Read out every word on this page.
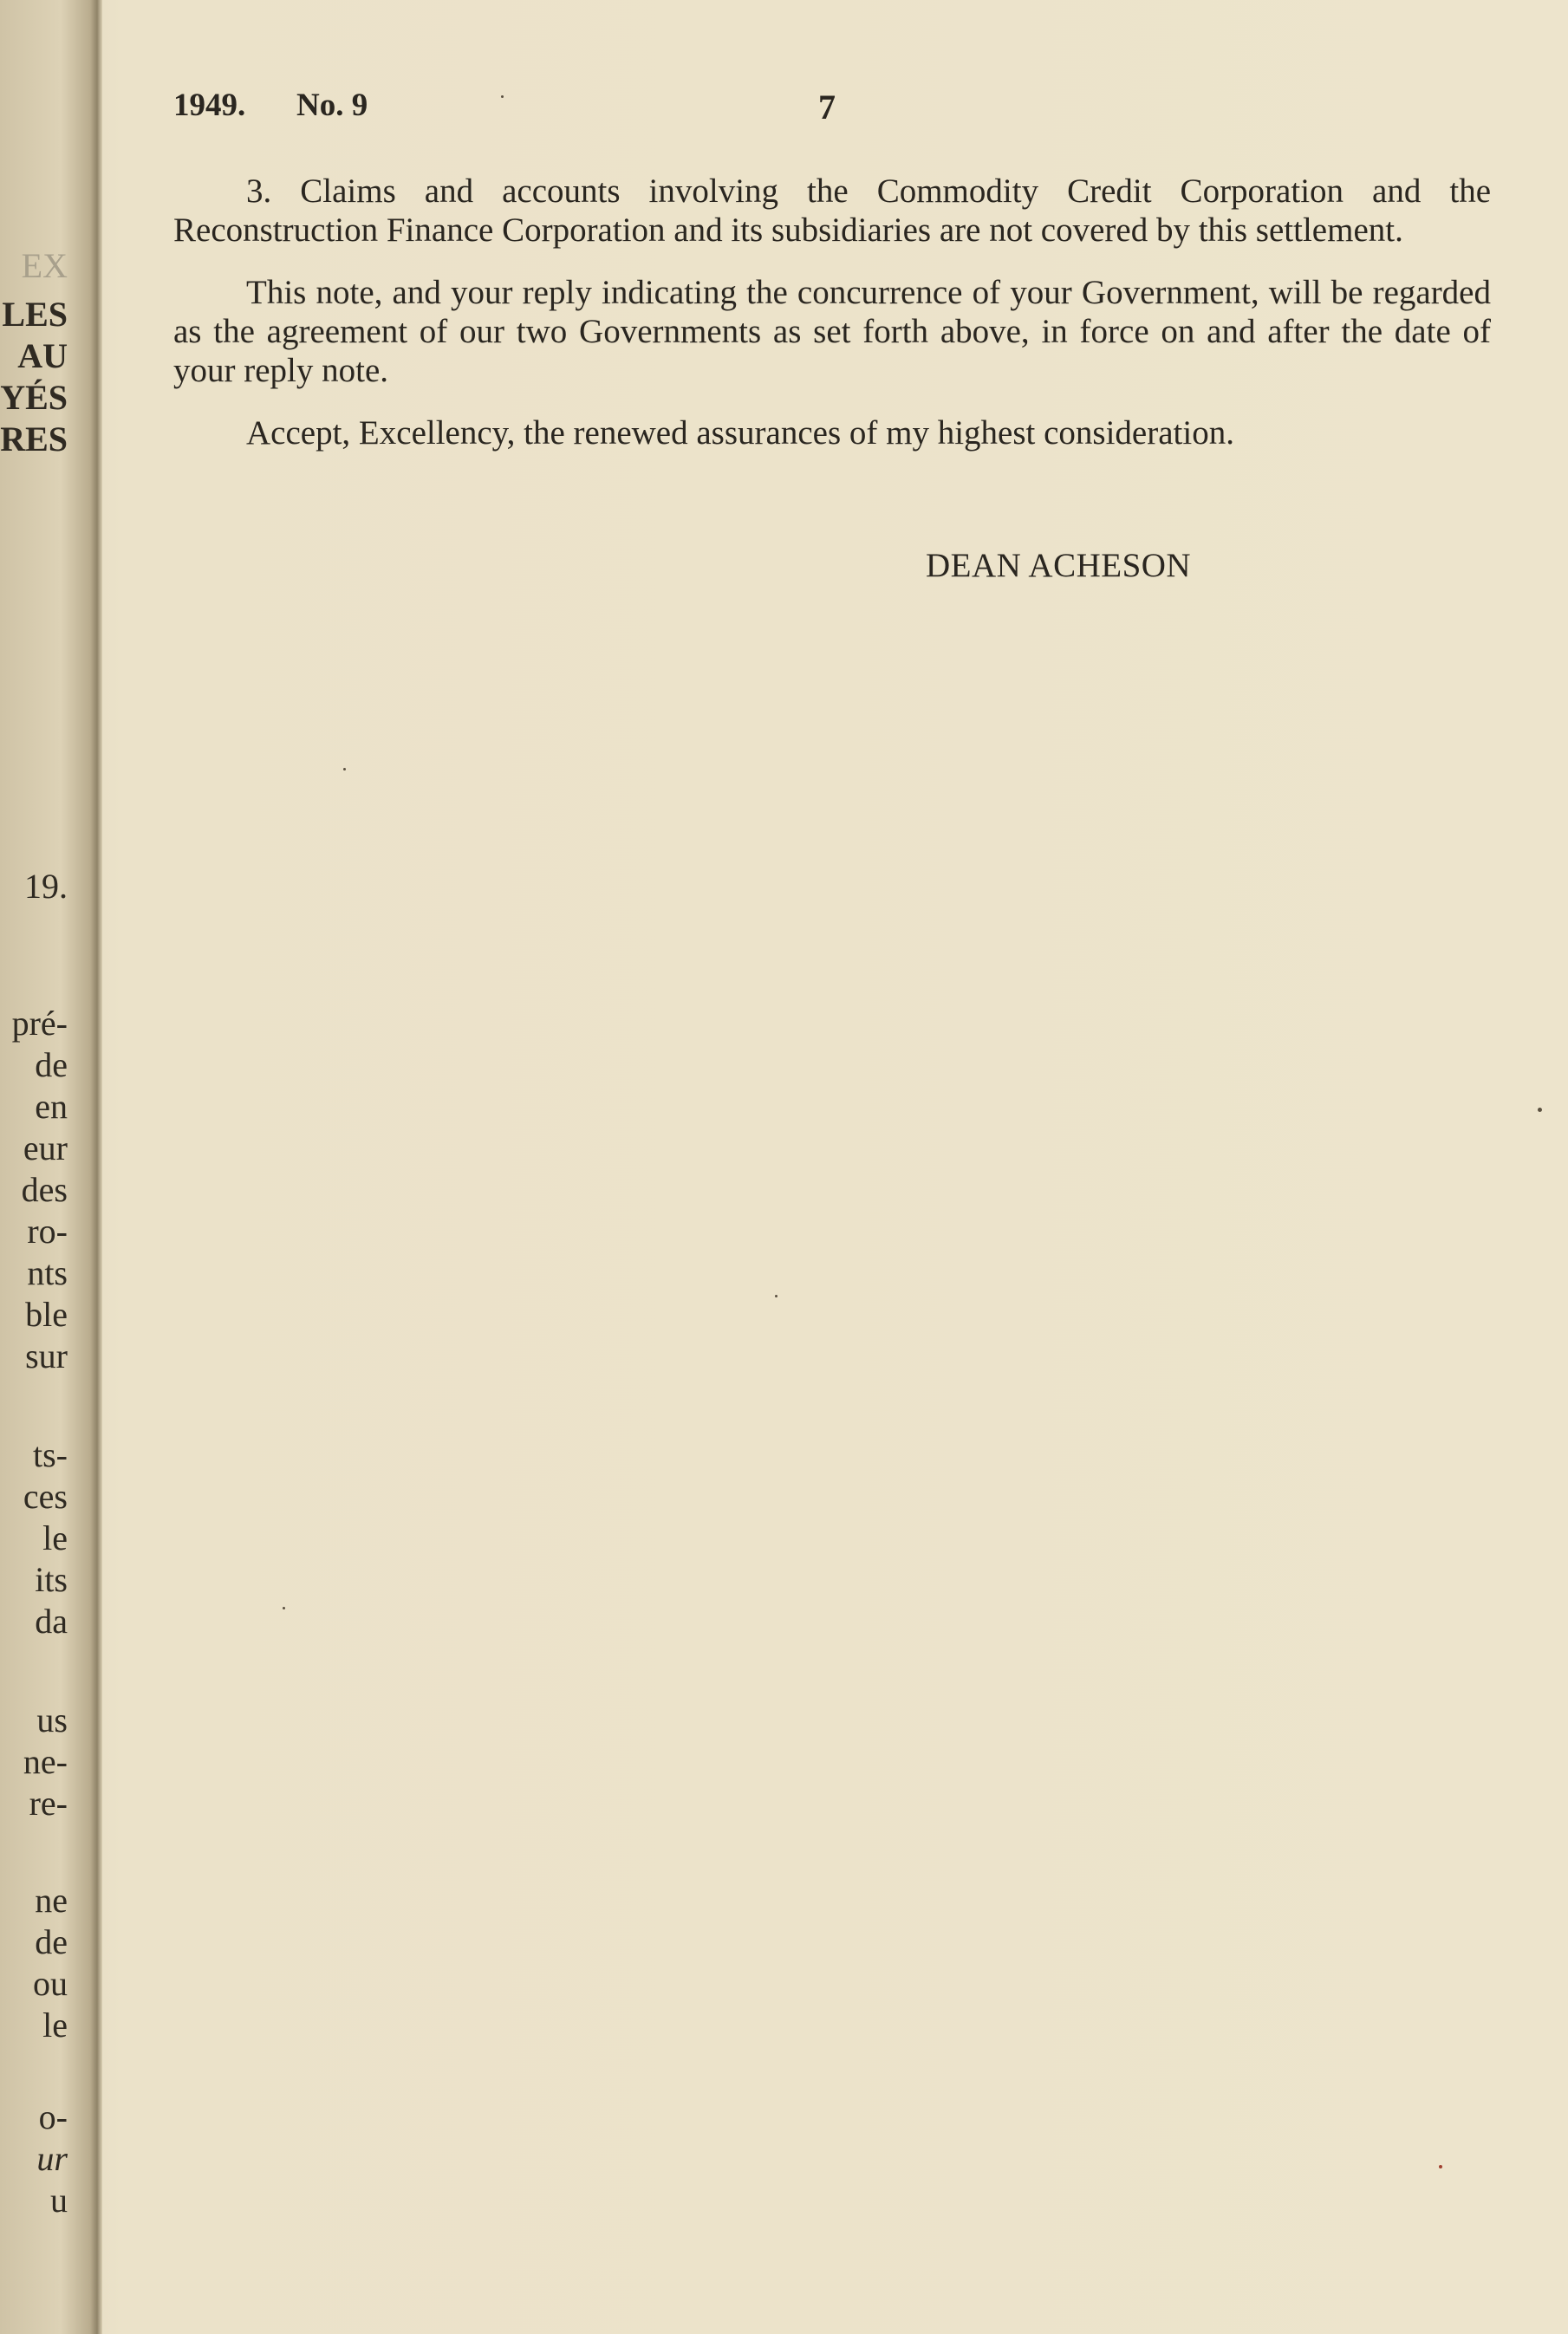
EX
LES
AU
YÉS
RES
19.
pré-
de
en
eur
des
ro-
nts
ble
sur
ts-
ces
le
its
da
us
ne-
re-
ne
de
ou
le
o-
ur
u
1949. No. 9	7

3. Claims and accounts involving the Commodity Credit Corporation and the Reconstruction Finance Corporation and its subsidiaries are not covered by this settlement.

This note, and your reply indicating the concurrence of your Government, will be regarded as the agreement of our two Governments as set forth above, in force on and after the date of your reply note.

Accept, Excellency, the renewed assurances of my highest consideration.

DEAN ACHESON
